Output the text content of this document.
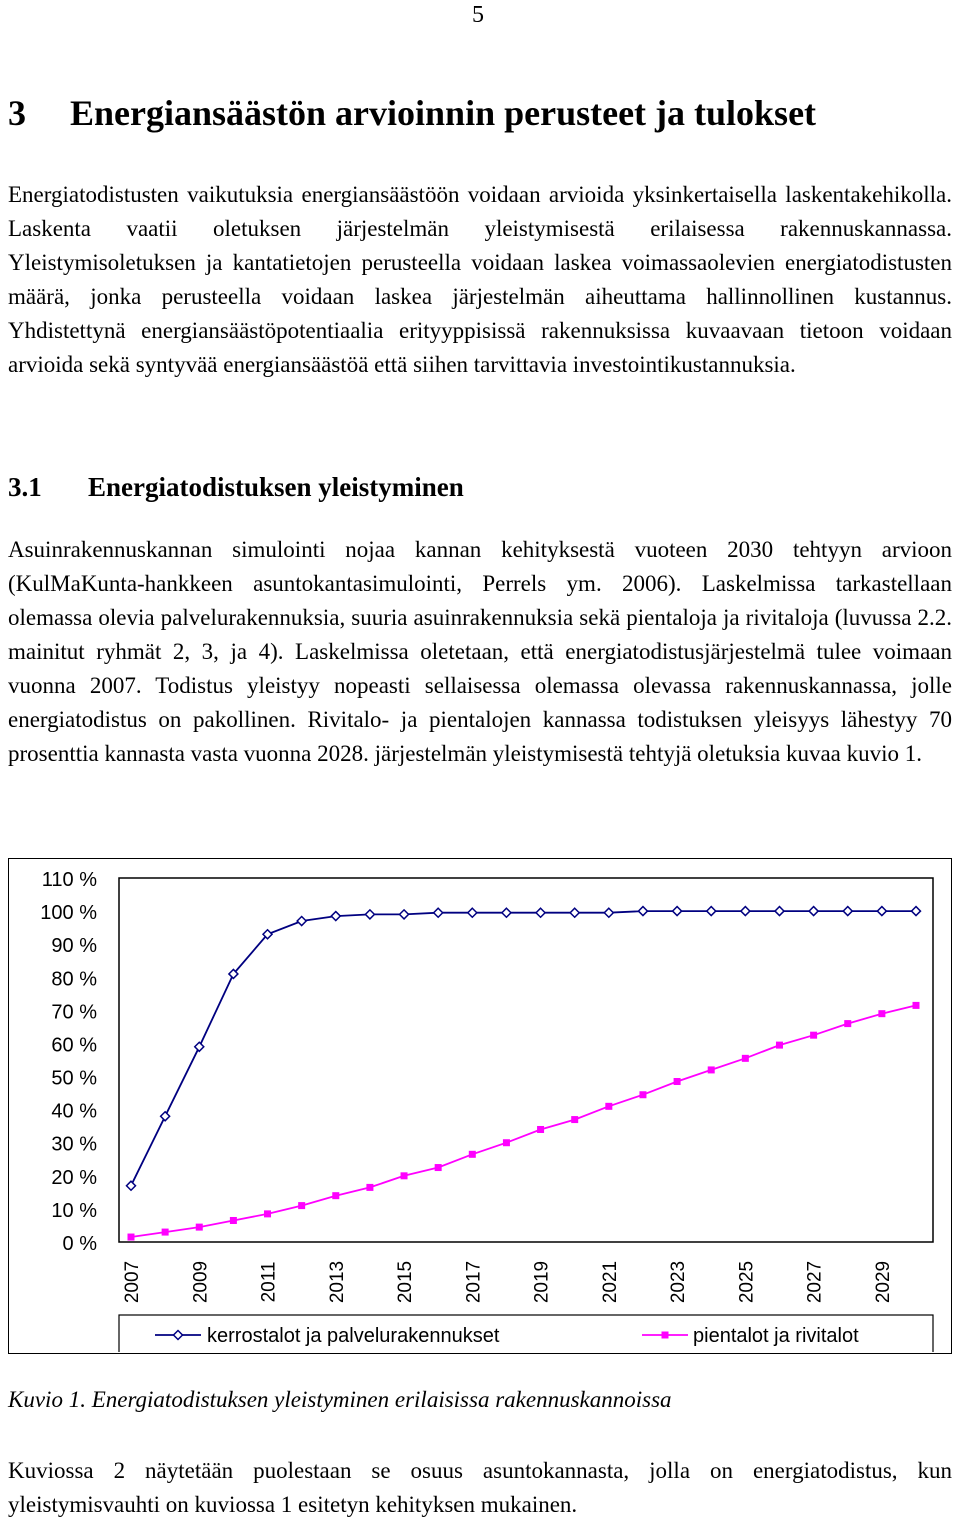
5
3 Energiansäästön arvioinnin perusteet ja tulokset

Energiatodistusten vaikutuksia energiansäästöön voidaan arvioida yksinkertaisella laskentakehikolla. Laskenta vaatii oletuksen järjestelmän yleistymisestä erilaisessa rakennuskannassa. Yleistymisoletuksen ja kantatietojen perusteella voidaan laskea voimassaolevien energiatodistusten määrä, jonka perusteella voidaan laskea järjestelmän aiheuttama hallinnollinen kustannus. Yhdistettynä energiansäästöpotentiaalia erityyppisissä rakennuksissa kuvaavaan tietoon voidaan arvioida sekä syntyvää energiansäästöä että siihen tarvittavia investointikustannuksia.

3.1 Energiatodistuksen yleistyminen

Asuinrakennuskannan simulointi nojaa kannan kehityksestä vuoteen 2030 tehtyyn arvioon (KulMaKunta-hankkeen asuntokantasimulointi, Perrels ym. 2006). Laskelmissa tarkastellaan olemassa olevia palvelurakennuksia, suuria asuinrakennuksia sekä pientaloja ja rivitaloja (luvussa 2.2. mainitut ryhmät 2, 3, ja 4). Laskelmissa oletetaan, että energiatodistusjärjestelmä tulee voimaan vuonna 2007. Todistus yleistyy nopeasti sellaisessa olemassa olevassa rakennuskannassa, jolle energiatodistus on pakollinen. Rivitalo- ja pientalojen kannassa todistuksen yleisyys lähestyy 70 prosenttia kannasta vasta vuonna 2028. järjestelmän yleistymisestä tehtyjä oletuksia kuvaa kuvio 1.

0 %
10 %
20 %
30 %
40 %
50 %
60 %
70 %
80 %
90 %
100 %
110 %
2007 2009 2011 2013 2015 2017 2019 2021 2023 2025 2027 2029
kerrostalot ja palvelurakennukset	pientalot ja rivitalot
Kuvio 1. Energiatodistuksen yleistyminen erilaisissa rakennuskannoissa

Kuviossa 2 näytetään puolestaan se osuus asuntokannasta, jolla on energiatodistus, kun yleistymisvauhti on kuviossa 1 esitetyn kehityksen mukainen.
